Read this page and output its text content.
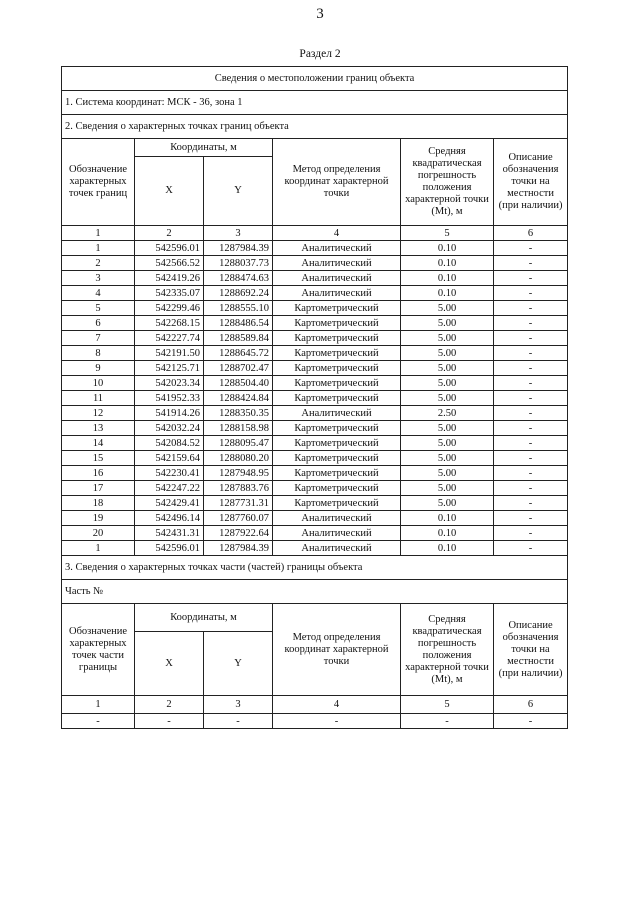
3
Раздел 2
Сведения о местоположении границ объекта					
1. Система координат: МСК - 36, зона 1					
2. Сведения о характерных точках границ объекта					
Обозначение характерных точек границ	Координаты, м		Метод определения координат характерной точки	Средняя квадратическая погрешность положения характерной точки (Mt), м	Описание обозначения точки на местности (при наличии)
	X	Y			
1	2	3	4	5	6
1	542596.01	1287984.39	Аналитический	0.10	-
2	542566.52	1288037.73	Аналитический	0.10	-
3	542419.26	1288474.63	Аналитический	0.10	-
4	542335.07	1288692.24	Аналитический	0.10	-
5	542299.46	1288555.10	Картометрический	5.00	-
6	542268.15	1288486.54	Картометрический	5.00	-
7	542227.74	1288589.84	Картометрический	5.00	-
8	542191.50	1288645.72	Картометрический	5.00	-
9	542125.71	1288702.47	Картометрический	5.00	-
10	542023.34	1288504.40	Картометрический	5.00	-
11	541952.33	1288424.84	Картометрический	5.00	-
12	541914.26	1288350.35	Аналитический	2.50	-
13	542032.24	1288158.98	Картометрический	5.00	-
14	542084.52	1288095.47	Картометрический	5.00	-
15	542159.64	1288080.20	Картометрический	5.00	-
16	542230.41	1287948.95	Картометрический	5.00	-
17	542247.22	1287883.76	Картометрический	5.00	-
18	542429.41	1287731.31	Картометрический	5.00	-
19	542496.14	1287760.07	Аналитический	0.10	-
20	542431.31	1287922.64	Аналитический	0.10	-
1	542596.01	1287984.39	Аналитический	0.10	-
3. Сведения о характерных точках части (частей) границы объекта					
Часть №					
Обозначение характерных точек части границы	Координаты, м		Метод определения координат характерной точки	Средняя квадратическая погрешность положения характерной точки (Mt), м	Описание обозначения точки на местности (при наличии)
	X	Y			
1	2	3	4	5	6
-	-	-	-	-	-
